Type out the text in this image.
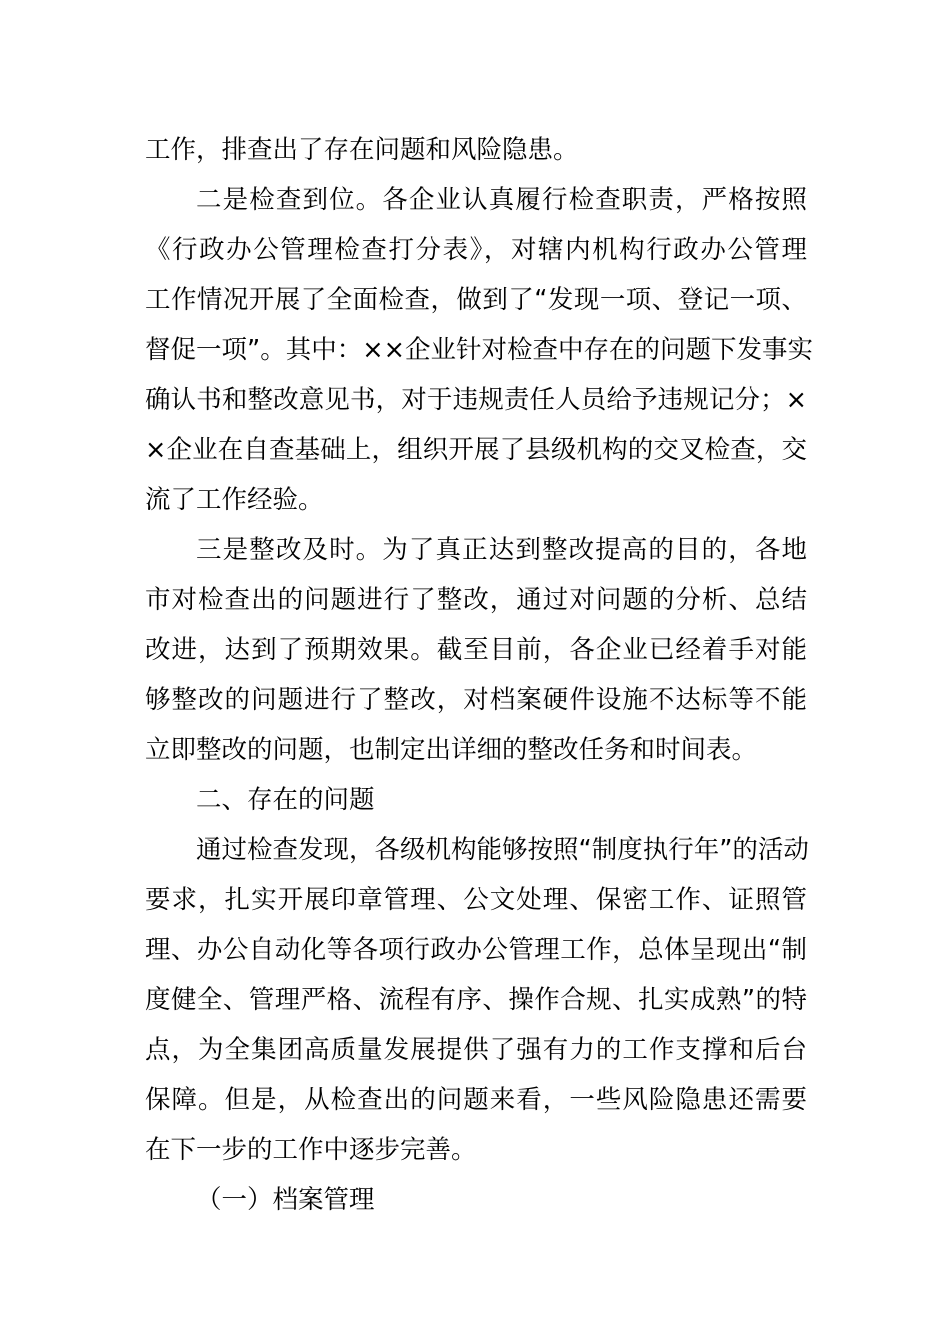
工作，排查出了存在问题和风险隐患。
二是检查到位。各企业认真履行检查职责，严格按照
《行政办公管理检查打分表》，对辖内机构行政办公管理
工作情况开展了全面检查，做到了“发现一项、登记一项、
督促一项”。其中：××企业针对检查中存在的问题下发事实
确认书和整改意见书，对于违规责任人员给予违规记分；×
×企业在自查基础上，组织开展了县级机构的交叉检查，交
流了工作经验。
三是整改及时。为了真正达到整改提高的目的，各地
市对检查出的问题进行了整改，通过对问题的分析、总结
改进，达到了预期效果。截至目前，各企业已经着手对能
够整改的问题进行了整改，对档案硬件设施不达标等不能
立即整改的问题，也制定出详细的整改任务和时间表。
二、存在的问题
通过检查发现，各级机构能够按照“制度执行年”的活动
要求，扎实开展印章管理、公文处理、保密工作、证照管
理、办公自动化等各项行政办公管理工作，总体呈现出“制
度健全、管理严格、流程有序、操作合规、扎实成熟”的特
点，为全集团高质量发展提供了强有力的工作支撑和后台
保障。但是，从检查出的问题来看，一些风险隐患还需要
在下一步的工作中逐步完善。
（一）档案管理
